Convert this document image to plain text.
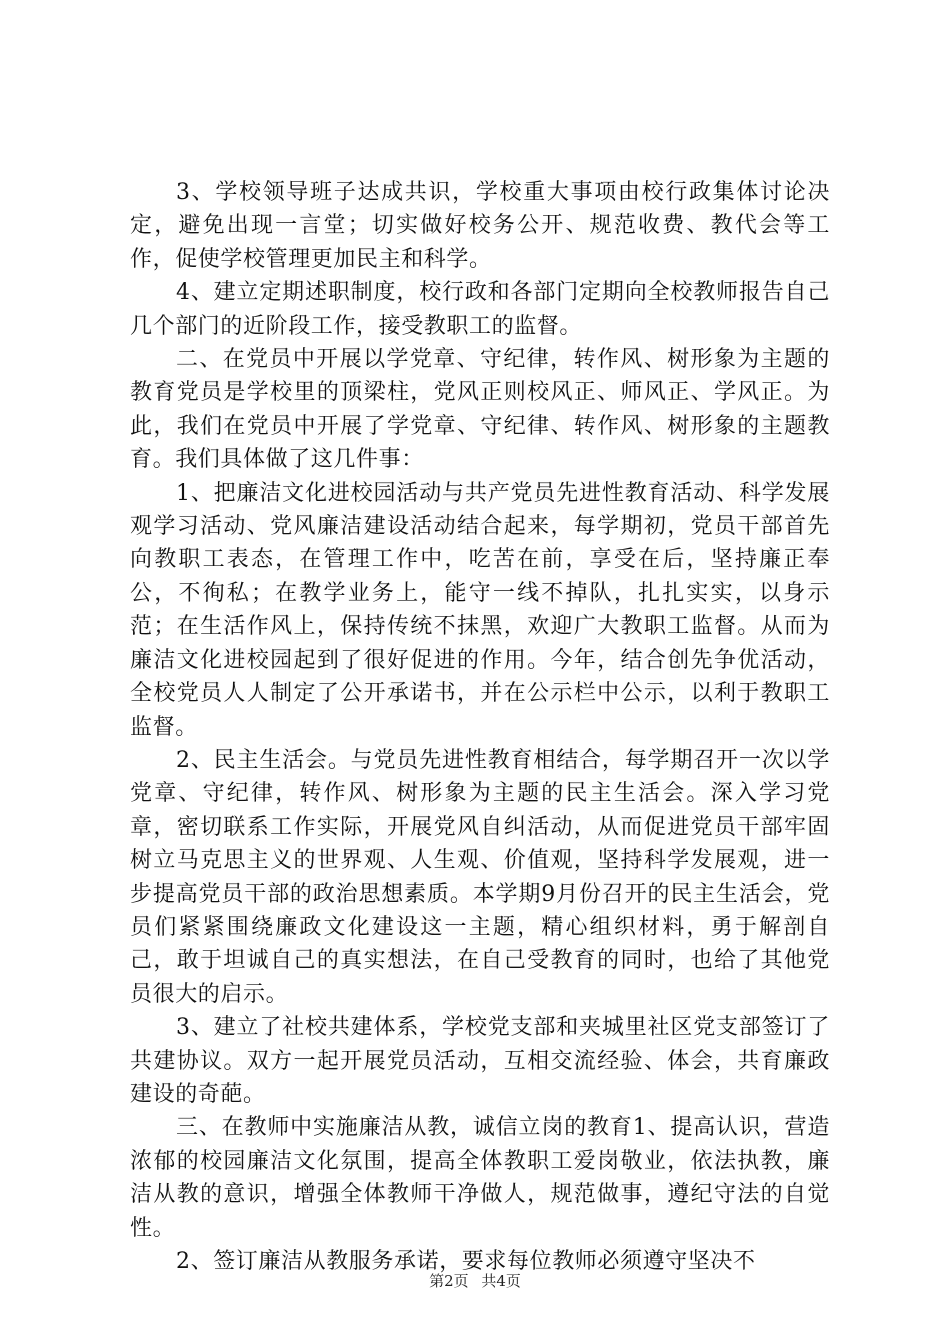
3、学校领导班子达成共识，学校重大事项由校行政集体讨论决定，避免出现一言堂；切实做好校务公开、规范收费、教代会等工作，促使学校管理更加民主和科学。

4、建立定期述职制度，校行政和各部门定期向全校教师报告自己几个部门的近阶段工作，接受教职工的监督。

二、在党员中开展以学党章、守纪律，转作风、树形象为主题的教育党员是学校里的顶梁柱，党风正则校风正、师风正、学风正。为此，我们在党员中开展了学党章、守纪律、转作风、树形象的主题教育。我们具体做了这几件事：

1、把廉洁文化进校园活动与共产党员先进性教育活动、科学发展观学习活动、党风廉洁建设活动结合起来，每学期初，党员干部首先向教职工表态，在管理工作中，吃苦在前，享受在后，坚持廉正奉公，不徇私；在教学业务上，能守一线不掉队，扎扎实实，以身示范；在生活作风上，保持传统不抹黑，欢迎广大教职工监督。从而为廉洁文化进校园起到了很好促进的作用。今年，结合创先争优活动，全校党员人人制定了公开承诺书，并在公示栏中公示，以利于教职工监督。

2、民主生活会。与党员先进性教育相结合，每学期召开一次以学党章、守纪律，转作风、树形象为主题的民主生活会。深入学习党章，密切联系工作实际，开展党风自纠活动，从而促进党员干部牢固树立马克思主义的世界观、人生观、价值观，坚持科学发展观，进一步提高党员干部的政治思想素质。本学期9月份召开的民主生活会，党员们紧紧围绕廉政文化建设这一主题，精心组织材料，勇于解剖自己，敢于坦诚自己的真实想法，在自己受教育的同时，也给了其他党员很大的启示。

3、建立了社校共建体系，学校党支部和夹城里社区党支部签订了共建协议。双方一起开展党员活动，互相交流经验、体会，共育廉政建设的奇葩。

三、在教师中实施廉洁从教，诚信立岗的教育1、提高认识，营造浓郁的校园廉洁文化氛围，提高全体教职工爱岗敬业，依法执教，廉洁从教的意识，增强全体教师干净做人，规范做事，遵纪守法的自觉性。

2、签订廉洁从教服务承诺，要求每位教师必须遵守坚决不

第2页 共4页
